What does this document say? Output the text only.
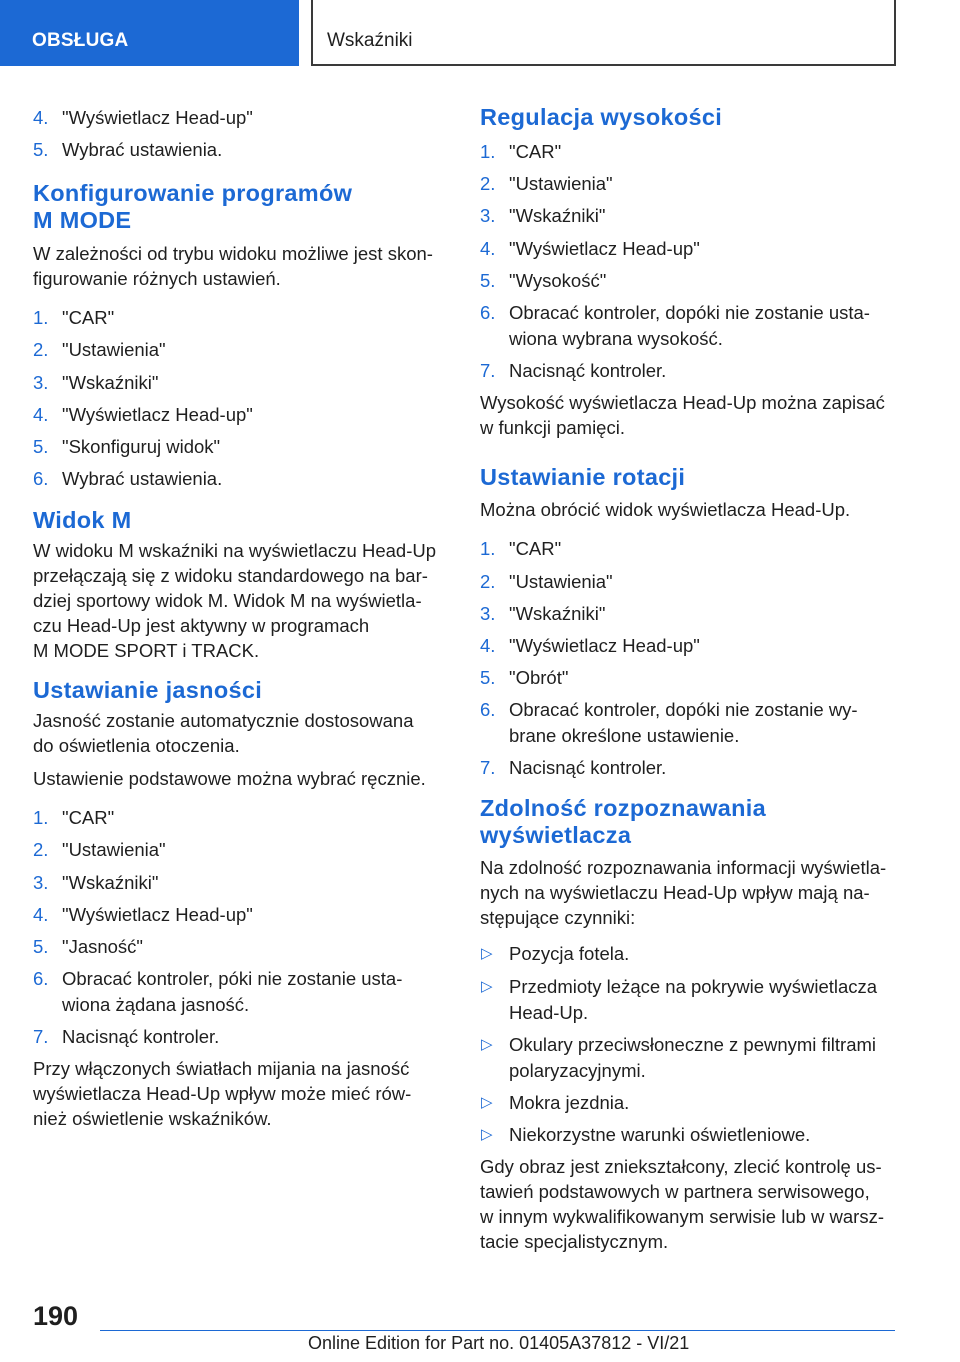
OBSŁUGA	Wskaźniki
4. "Wyświetlacz Head-up"
5. Wybrać ustawienia.
Konfigurowanie programów
M MODE

W zależności od trybu widoku możliwe jest skon-
figurowanie różnych ustawień.

1. "CAR"
2. "Ustawienia"
3. "Wskaźniki"
4. "Wyświetlacz Head-up"
5. "Skonfiguruj widok"
6. Wybrać ustawienia.
Widok M

W widoku M wskaźniki na wyświetlaczu Head-Up
przełączają się z widoku standardowego na bar-
dziej sportowy widok M. Widok M na wyświetla-
czu Head-Up jest aktywny w programach
M MODE SPORT i TRACK.

Ustawianie jasności

Jasność zostanie automatycznie dostosowana
do oświetlenia otoczenia.

Ustawienie podstawowe można wybrać ręcznie.

1. "CAR"
2. "Ustawienia"
3. "Wskaźniki"
4. "Wyświetlacz Head-up"
5. "Jasność"
6. Obracać kontroler, póki nie zostanie usta-
wiona żądana jasność.
7. Nacisnąć kontroler.

Przy włączonych światłach mijania na jasność
wyświetlacza Head-Up wpływ może mieć rów-
nież oświetlenie wskaźników.

Regulacja wysokości
1. "CAR"
2. "Ustawienia"
3. "Wskaźniki"
4. "Wyświetlacz Head-up"
5. "Wysokość"
6. Obracać kontroler, dopóki nie zostanie usta-
wiona wybrana wysokość.
7. Nacisnąć kontroler.

Wysokość wyświetlacza Head-Up można zapisać
w funkcji pamięci.

Ustawianie rotacji

Można obrócić widok wyświetlacza Head-Up.

1. "CAR"
2. "Ustawienia"
3. "Wskaźniki"
4. "Wyświetlacz Head-up"
5. "Obrót"
6. Obracać kontroler, dopóki nie zostanie wy-
brane określone ustawienie.
7. Nacisnąć kontroler.
Zdolność rozpoznawania
wyświetlacza

Na zdolność rozpoznawania informacji wyświetla-
nych na wyświetlaczu Head-Up wpływ mają na-
stępujące czynniki:

▷ Pozycja fotela.
▷ Przedmioty leżące na pokrywie wyświetlacza
Head-Up.
▷ Okulary przeciwsłoneczne z pewnymi filtrami
polaryzacyjnymi.
▷ Mokra jezdnia.
▷ Niekorzystne warunki oświetleniowe.

Gdy obraz jest zniekształcony, zlecić kontrolę us-
tawień podstawowych w partnera serwisowego,
w innym wykwalifikowanym serwisie lub w warsz-
tacie specjalistycznym.

190
Online Edition for Part no. 01405A37812 - VI/21
